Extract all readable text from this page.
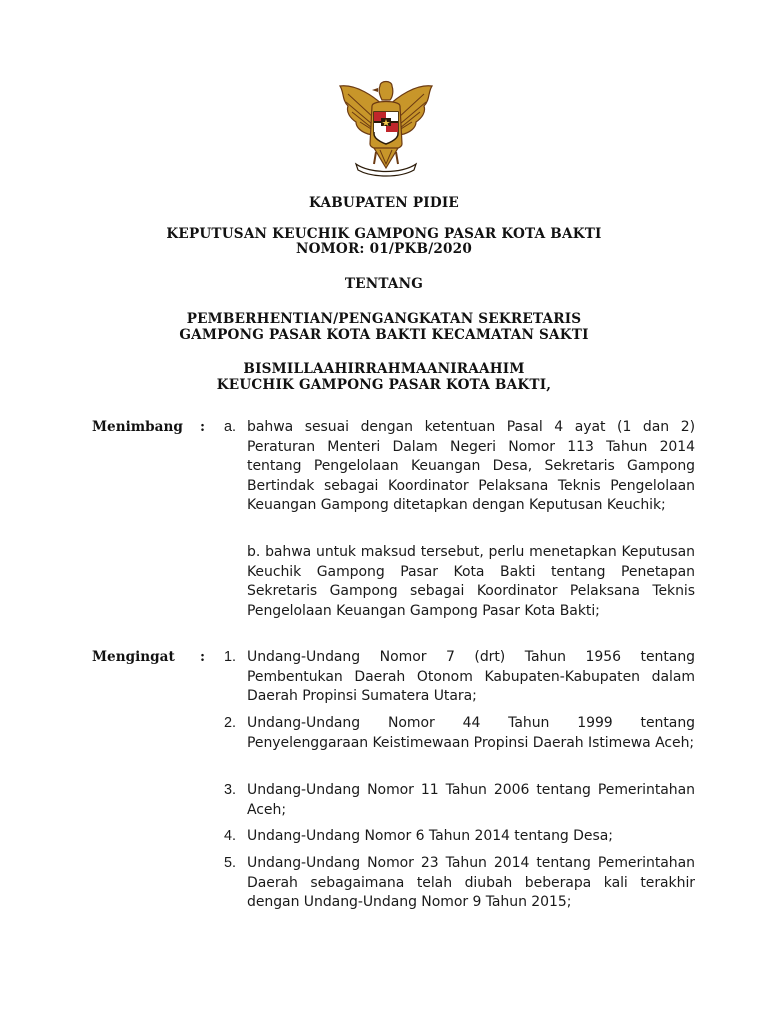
KABUPATEN PIDIE
KEPUTUSAN KEUCHIK GAMPONG PASAR KOTA BAKTI
NOMOR: 01/PKB/2020
TENTANG
PEMBERHENTIAN/PENGANGKATAN SEKRETARIS
GAMPONG PASAR KOTA BAKTI KECAMATAN SAKTI
BISMILLAAHIRRAHMAANIRAAHIM
KEUCHIK GAMPONG PASAR KOTA BAKTI,
Menimbang :	a. bahwa sesuai dengan ketentuan Pasal 4 ayat (1 dan 2) Peraturan Menteri Dalam Negeri Nomor 113 Tahun 2014 tentang Pengelolaan Keuangan Desa, Sekretaris Gampong Bertindak sebagai Koordinator Pelaksana Teknis Pengelolaan Keuangan Gampong ditetapkan dengan Keputusan Keuchik;
b. bahwa untuk maksud tersebut, perlu menetapkan Keputusan Keuchik Gampong Pasar Kota Bakti tentang Penetapan Sekretaris Gampong sebagai Koordinator Pelaksana Teknis Pengelolaan Keuangan Gampong Pasar Kota Bakti;
Mengingat :	1. Undang-Undang Nomor 7 (drt) Tahun 1956 tentang Pembentukan Daerah Otonom Kabupaten-Kabupaten dalam Daerah Propinsi Sumatera Utara;
2. Undang-Undang Nomor 44 Tahun 1999 tentang Penyelenggaraan Keistimewaan Propinsi Daerah Istimewa Aceh;
3. Undang-Undang Nomor 11 Tahun 2006 tentang Pemerintahan Aceh;
4. Undang-Undang Nomor 6 Tahun 2014 tentang Desa;
5. Undang-Undang Nomor 23 Tahun 2014 tentang Pemerintahan Daerah sebagaimana telah diubah beberapa kali terakhir dengan Undang-Undang Nomor 9 Tahun 2015;
